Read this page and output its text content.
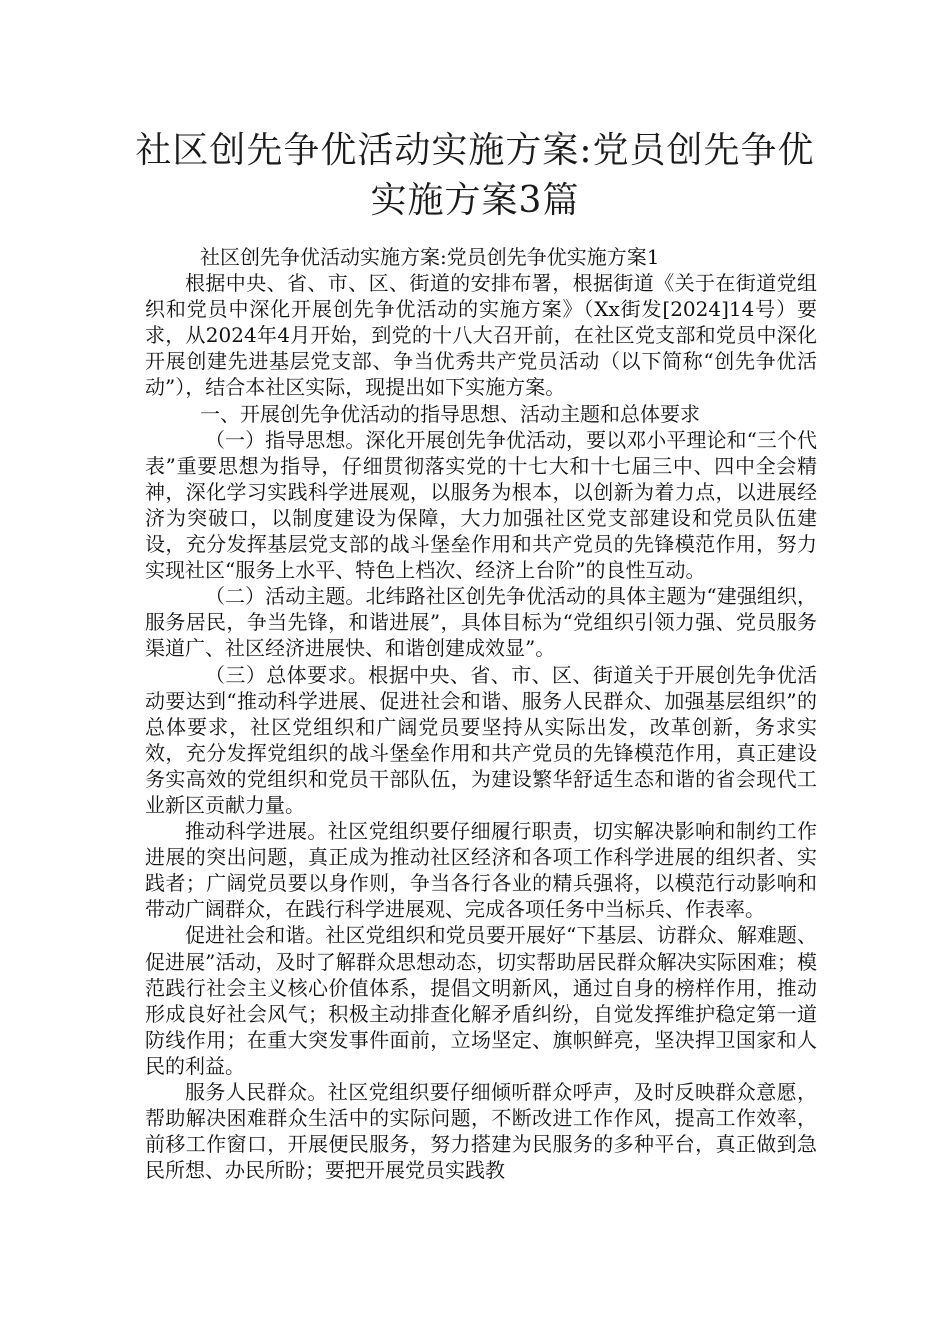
社区创先争优活动实施方案:党员创先争优
实施方案3篇

社区创先争优活动实施方案:党员创先争优实施方案1

根据中央、省、市、区、街道的安排布署，根据街道《关于在街道党组织和党员中深化开展创先争优活动的实施方案》（Xx街发[2024]14号）要求，从2024年4月开始，到党的十八大召开前，在社区党支部和党员中深化开展创建先进基层党支部、争当优秀共产党员活动（以下简称“创先争优活动”），结合本社区实际，现提出如下实施方案。

一、开展创先争优活动的指导思想、活动主题和总体要求

（一）指导思想。深化开展创先争优活动，要以邓小平理论和“三个代表”重要思想为指导，仔细贯彻落实党的十七大和十七届三中、四中全会精神，深化学习实践科学进展观，以服务为根本，以创新为着力点，以进展经济为突破口，以制度建设为保障，大力加强社区党支部建设和党员队伍建设，充分发挥基层党支部的战斗堡垒作用和共产党员的先锋模范作用，努力实现社区“服务上水平、特色上档次、经济上台阶”的良性互动。

（二）活动主题。北纬路社区创先争优活动的具体主题为“建强组织，服务居民，争当先锋，和谐进展”，具体目标为“党组织引领力强、党员服务渠道广、社区经济进展快、和谐创建成效显”。

（三）总体要求。根据中央、省、市、区、街道关于开展创先争优活动要达到“推动科学进展、促进社会和谐、服务人民群众、加强基层组织”的总体要求，社区党组织和广阔党员要坚持从实际出发，改革创新，务求实效，充分发挥党组织的战斗堡垒作用和共产党员的先锋模范作用，真正建设务实高效的党组织和党员干部队伍，为建设繁华舒适生态和谐的省会现代工业新区贡献力量。

推动科学进展。社区党组织要仔细履行职责，切实解决影响和制约工作进展的突出问题，真正成为推动社区经济和各项工作科学进展的组织者、实践者；广阔党员要以身作则，争当各行各业的精兵强将，以模范行动影响和带动广阔群众，在践行科学进展观、完成各项任务中当标兵、作表率。

促进社会和谐。社区党组织和党员要开展好“下基层、访群众、解难题、促进展”活动，及时了解群众思想动态，切实帮助居民群众解决实际困难；模范践行社会主义核心价值体系，提倡文明新风，通过自身的榜样作用，推动形成良好社会风气；积极主动排查化解矛盾纠纷，自觉发挥维护稳定第一道防线作用；在重大突发事件面前，立场坚定、旗帜鲜亮，坚决捍卫国家和人民的利益。

服务人民群众。社区党组织要仔细倾听群众呼声，及时反映群众意愿，帮助解决困难群众生活中的实际问题，不断改进工作作风，提高工作效率，前移工作窗口，开展便民服务，努力搭建为民服务的多种平台，真正做到急民所想、办民所盼；要把开展党员实践教
